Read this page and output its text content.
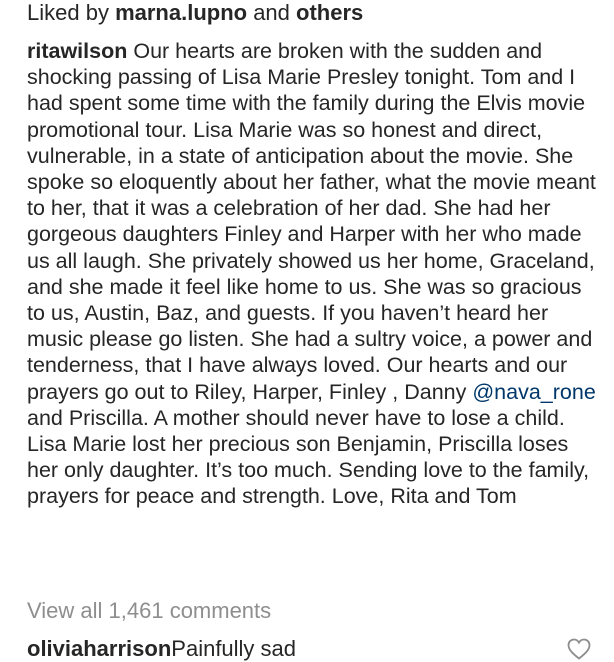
Liked by marna.lupno and others
ritawilson Our hearts are broken with the sudden and shocking passing of Lisa Marie Presley tonight. Tom and I had spent some time with the family during the Elvis movie promotional tour. Lisa Marie was so honest and direct, vulnerable, in a state of anticipation about the movie. She spoke so eloquently about her father, what the movie meant to her, that it was a celebration of her dad. She had her gorgeous daughters Finley and Harper with her who made us all laugh. She privately showed us her home, Graceland, and she made it feel like home to us. She was so gracious to us, Austin, Baz, and guests. If you haven’t heard her music please go listen. She had a sultry voice, a power and tenderness, that I have always loved. Our hearts and our prayers go out to Riley, Harper, Finley , Danny @nava_rone and Priscilla. A mother should never have to lose a child. Lisa Marie lost her precious son Benjamin, Priscilla loses her only daughter. It’s too much. Sending love to the family, prayers for peace and strength. Love, Rita and Tom
View all 1,461 comments
oliviaharrisonPainfully sad
